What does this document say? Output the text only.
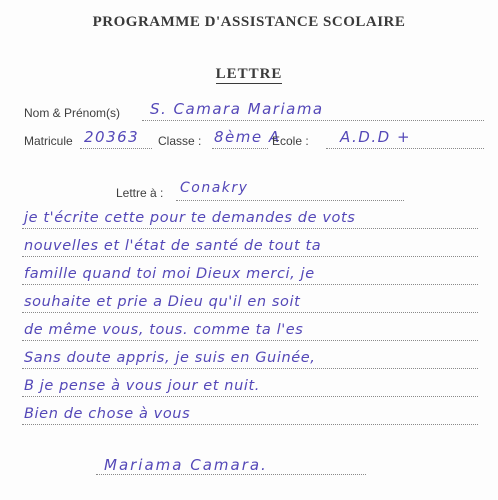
PROGRAMME D'ASSISTANCE SCOLAIRE
LETTRE
Nom & Prénom(s) S. Camara Mariama
Matricule 20363 Classe : 8ème A
Ecole : A.D.D +
Lettre à : Conakry
je t'écrite cette pour te demandes de vots
nouvelles et l'état de santé de tout ta
famille quand toi moi Dieux merci, je
souhaite et prie a Dieu qu'il en soit
de même vous, tous. comme ta l'es
Sans doute appris, je suis en Guinée,
B je pense à vous jour et nuit.
Bien de chose à vous
Mariama Camara.
